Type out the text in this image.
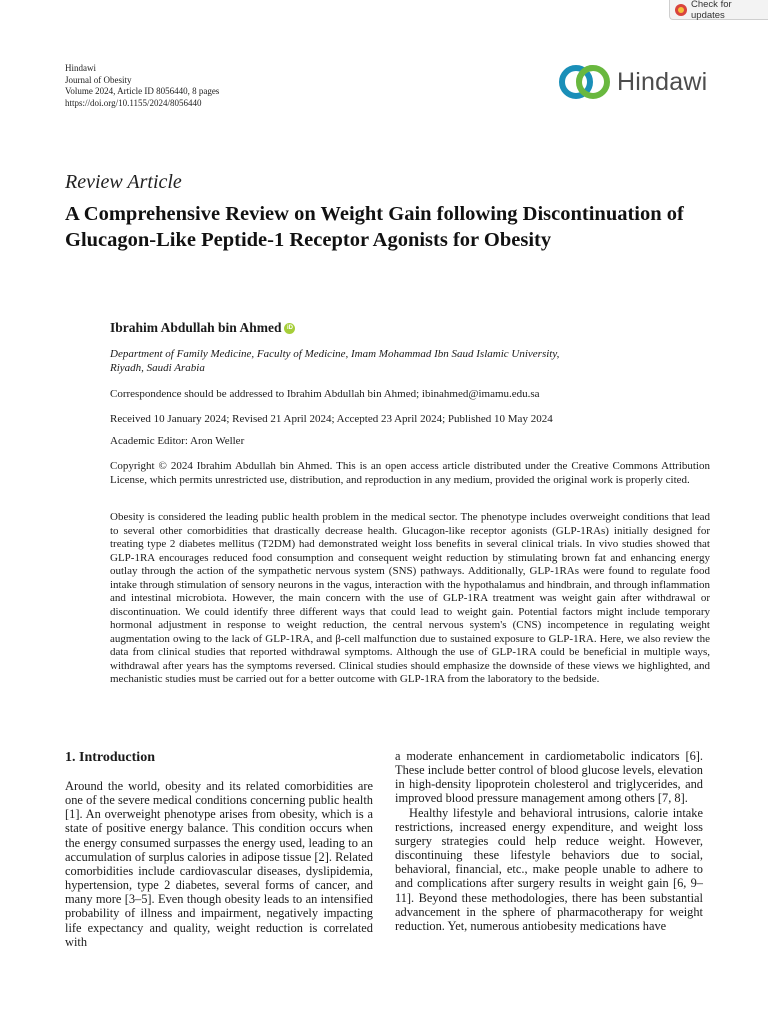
Check for updates
Hindawi
Journal of Obesity
Volume 2024, Article ID 8056440, 8 pages
https://doi.org/10.1155/2024/8056440
Hindawi
Review Article
A Comprehensive Review on Weight Gain following Discontinuation of Glucagon-Like Peptide-1 Receptor Agonists for Obesity
Ibrahim Abdullah bin Ahmed iD
Department of Family Medicine, Faculty of Medicine, Imam Mohammad Ibn Saud Islamic University,
Riyadh, Saudi Arabia
Correspondence should be addressed to Ibrahim Abdullah bin Ahmed; ibinahmed@imamu.edu.sa
Received 10 January 2024; Revised 21 April 2024; Accepted 23 April 2024; Published 10 May 2024
Academic Editor: Aron Weller
Copyright © 2024 Ibrahim Abdullah bin Ahmed. This is an open access article distributed under the Creative Commons Attribution License, which permits unrestricted use, distribution, and reproduction in any medium, provided the original work is properly cited.
Obesity is considered the leading public health problem in the medical sector. The phenotype includes overweight conditions that lead to several other comorbidities that drastically decrease health. Glucagon-like receptor agonists (GLP-1RAs) initially designed for treating type 2 diabetes mellitus (T2DM) had demonstrated weight loss benefits in several clinical trials. In vivo studies showed that GLP-1RA encourages reduced food consumption and consequent weight reduction by stimulating brown fat and enhancing energy outlay through the action of the sympathetic nervous system (SNS) pathways. Additionally, GLP-1RAs were found to regulate food intake through stimulation of sensory neurons in the vagus, interaction with the hypothalamus and hindbrain, and through inflammation and intestinal microbiota. However, the main concern with the use of GLP-1RA treatment was weight gain after withdrawal or discontinuation. We could identify three different ways that could lead to weight gain. Potential factors might include temporary hormonal adjustment in response to weight reduction, the central nervous system's (CNS) incompetence in regulating weight augmentation owing to the lack of GLP-1RA, and β-cell malfunction due to sustained exposure to GLP-1RA. Here, we also review the data from clinical studies that reported withdrawal symptoms. Although the use of GLP-1RA could be beneficial in multiple ways, withdrawal after years has the symptoms reversed. Clinical studies should emphasize the downside of these views we highlighted, and mechanistic studies must be carried out for a better outcome with GLP-1RA from the laboratory to the bedside.
1. Introduction

Around the world, obesity and its related comorbidities are one of the severe medical conditions concerning public health [1]. An overweight phenotype arises from obesity, which is a state of positive energy balance. This condition occurs when the energy consumed surpasses the energy used, leading to an accumulation of surplus calories in adipose tissue [2]. Related comorbidities include cardiovascular diseases, dyslipidemia, hypertension, type 2 diabetes, several forms of cancer, and many more [3–5]. Even though obesity leads to an intensified probability of illness and impairment, negatively impacting life expectancy and quality, weight reduction is correlated with

a moderate enhancement in cardiometabolic indicators [6]. These include better control of blood glucose levels, elevation in high-density lipoprotein cholesterol and triglycerides, and improved blood pressure management among others [7, 8].

Healthy lifestyle and behavioral intrusions, calorie intake restrictions, increased energy expenditure, and weight loss surgery strategies could help reduce weight. However, discontinuing these lifestyle behaviors due to social, behavioral, financial, etc., make people unable to adhere to and complications after surgery results in weight gain [6, 9–11]. Beyond these methodologies, there has been substantial advancement in the sphere of pharmacotherapy for weight reduction. Yet, numerous antiobesity medications have
